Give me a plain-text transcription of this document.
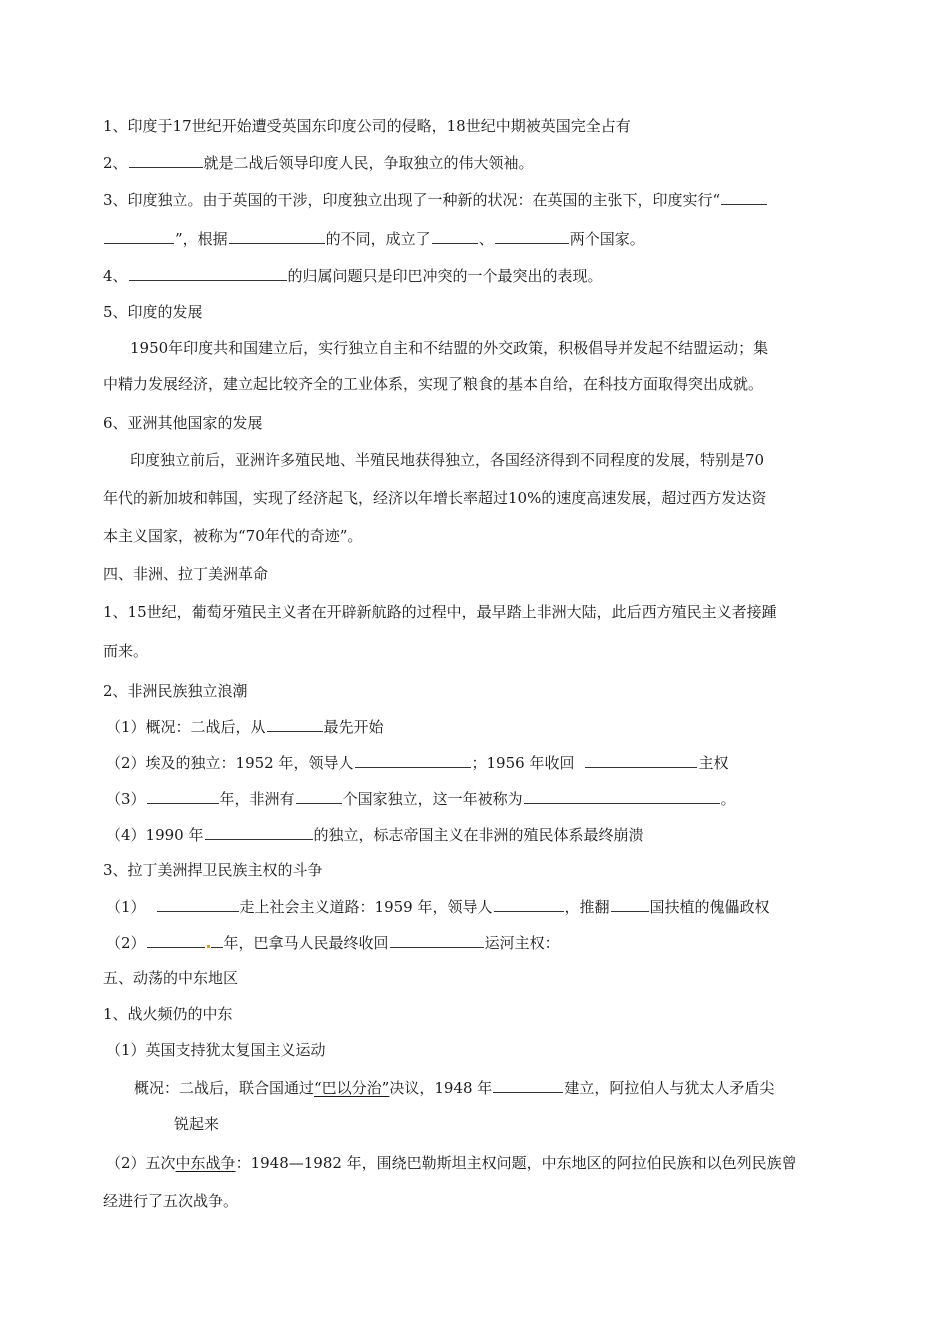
1、印度于17世纪开始遭受英国东印度公司的侵略，18世纪中期被英国完全占有
2、	就是二战后领导印度人民，争取独立的伟大领袖。
3、印度独立。由于英国的干涉，印度独立出现了一种新的状况：在英国的主张下，印度实行“
”，根据	的不同，成立了	、	两个国家。
4、	的归属问题只是印巴冲突的一个最突出的表现。
5、印度的发展
1950年印度共和国建立后，实行独立自主和不结盟的外交政策，积极倡导并发起不结盟运动；集
中精力发展经济，建立起比较齐全的工业体系，实现了粮食的基本自给，在科技方面取得突出成就。
6、亚洲其他国家的发展
印度独立前后，亚洲许多殖民地、半殖民地获得独立，各国经济得到不同程度的发展，特别是70
年代的新加坡和韩国，实现了经济起飞，经济以年增长率超过10%的速度高速发展，超过西方发达资
本主义国家，被称为“70年代的奇迹”。
四、非洲、拉丁美洲革命
1、15世纪，葡萄牙殖民主义者在开辟新航路的过程中，最早踏上非洲大陆，此后西方殖民主义者接踵
而来。
2、非洲民族独立浪潮
（1）概况：二战后，从	最先开始
（2）埃及的独立：1952 年，领导人	；1956 年收回	主权
（3）	年，非洲有	个国家独立，这一年被称为	。
（4）1990 年	的独立，标志帝国主义在非洲的殖民体系最终崩溃
3、拉丁美洲捍卫民族主权的斗争
（1）	走上社会主义道路：1959 年，领导人	，推翻	国扶植的傀儡政权
（2）	年，巴拿马人民最终收回	运河主权：
五、动荡的中东地区
1、战火频仍的中东
（1）英国支持犹太复国主义运动
概况：二战后，联合国通过“巴以分治”决议，1948 年	建立，阿拉伯人与犹太人矛盾尖
锐起来
（2）五次中东战争：1948—1982 年，围绕巴勒斯坦主权问题，中东地区的阿拉伯民族和以色列民族曾
经进行了五次战争。
